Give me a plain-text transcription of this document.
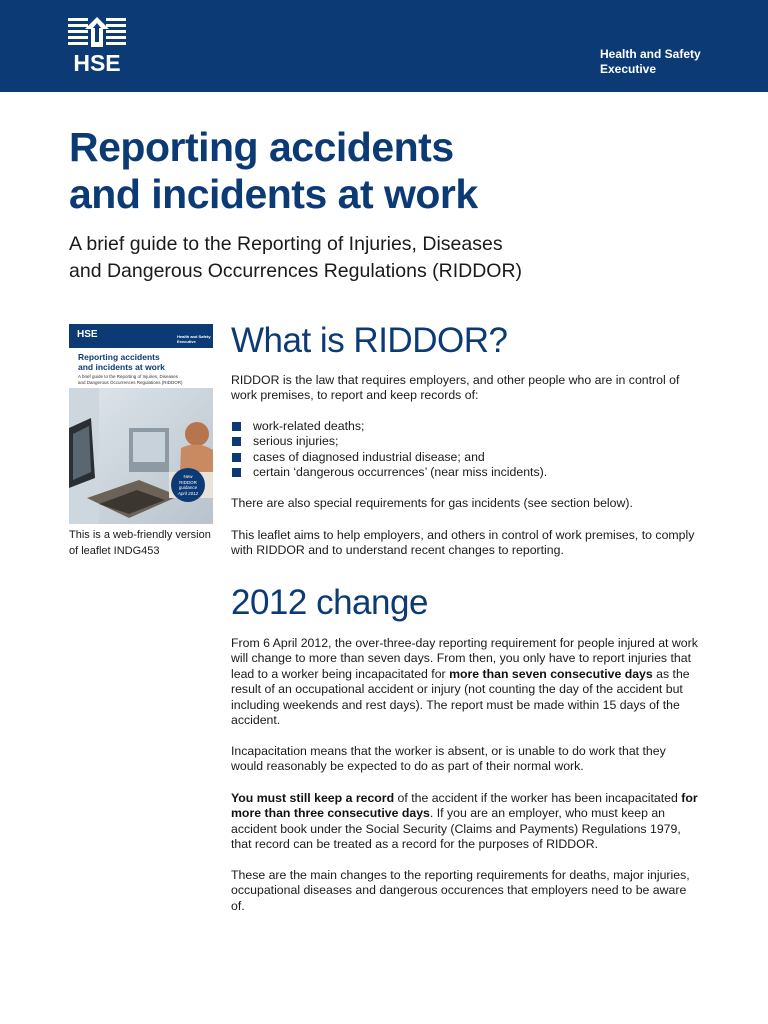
HSE	Health and Safety
Executive
Reporting accidents
and incidents at work

A brief guide to the Reporting of Injuries, Diseases
and Dangerous Occurrences Regulations (RIDDOR)

HSE	Health and Safety
Executive

Reporting accidents
and incidents at work

A brief guide to the Reporting of Injuries, Diseases
and Dangerous Occurrences Regulations (RIDDOR)
New
RIDDOR
guidance
April 2012
This is a web-friendly version
of leaflet INDG453
What is RIDDOR?

RIDDOR is the law that requires employers, and other people who are in control of work premises, to report and keep records of:

work-related deaths;
serious injuries;
cases of diagnosed industrial disease; and
certain ‘dangerous occurrences’ (near miss incidents).

There are also special requirements for gas incidents (see section below).

This leaflet aims to help employers, and others in control of work premises, to comply with RIDDOR and to understand recent changes to reporting.

2012 change

From 6 April 2012, the over-three-day reporting requirement for people injured at work will change to more than seven days. From then, you only have to report injuries that lead to a worker being incapacitated for more than seven consecutive days as the result of an occupational accident or injury (not counting the day of the accident but including weekends and rest days). The report must be made within 15 days of the accident.

Incapacitation means that the worker is absent, or is unable to do work that they would reasonably be expected to do as part of their normal work.

You must still keep a record of the accident if the worker has been incapacitated for more than three consecutive days. If you are an employer, who must keep an accident book under the Social Security (Claims and Payments) Regulations 1979, that record can be treated as a record for the purposes of RIDDOR.

These are the main changes to the reporting requirements for deaths, major injuries, occupational diseases and dangerous occurences that employers need to be aware of.
